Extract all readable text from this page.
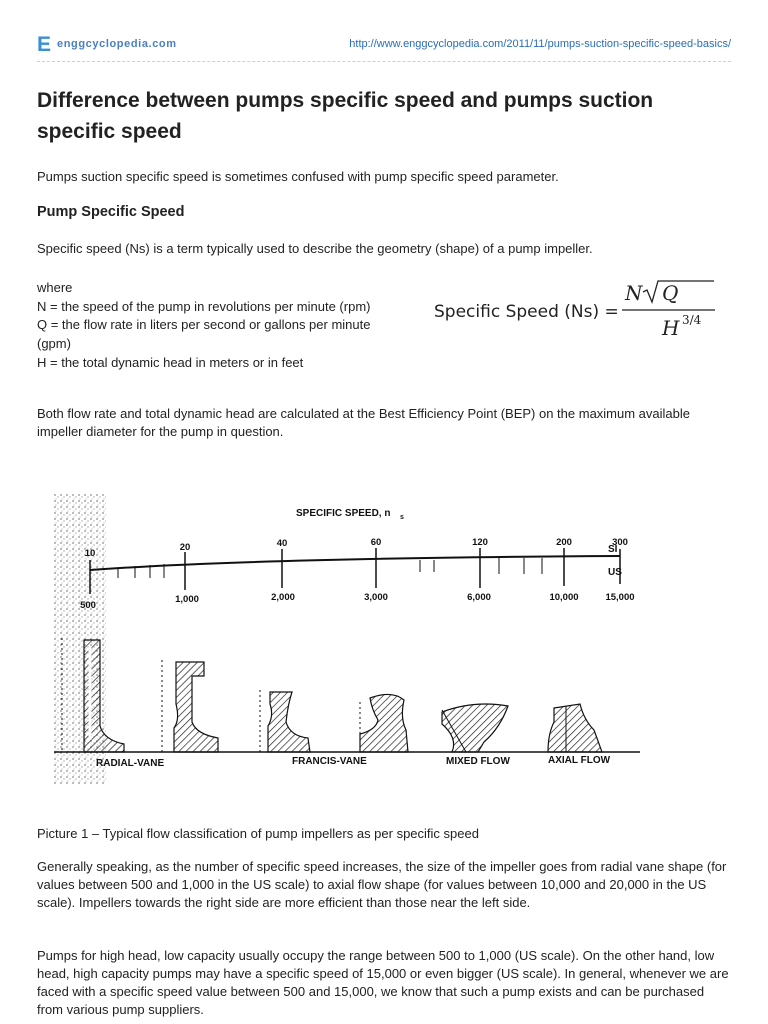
E enggcyclopedia.com	http://www.enggcyclopedia.com/2011/11/pumps-suction-specific-speed-basics/
Difference between pumps specific speed and pumps suction specific speed

Pumps suction specific speed is sometimes confused with pump specific speed parameter.

Pump Specific Speed

Specific speed (Ns) is a term typically used to describe the geometry (shape) of a pump impeller.

where
N = the speed of the pump in revolutions per minute (rpm)
Q = the flow rate in liters per second or gallons per minute (gpm)
H = the total dynamic head in meters or in feet
Specific Speed (Ns) =
N Q
H 3/4

Both flow rate and total dynamic head are calculated at the Best Efficiency Point (BEP) on the maximum available impeller diameter for the pump in question.

SPECIFIC SPEED, n s
SI
US
10
20	40	60	120	200	300
500
1,000	2,000	3,000	6,000	10,000	15,000
RADIAL-VANE	FRANCIS-VANE	MIXED FLOW	AXIAL FLOW

Picture 1 – Typical flow classification of pump impellers as per specific speed

Generally speaking, as the number of specific speed increases, the size of the impeller goes from radial vane shape (for values between 500 and 1,000 in the US scale) to axial flow shape (for values between 10,000 and 20,000 in the US scale). Impellers towards the right side are more efficient than those near the left side.

Pumps for high head, low capacity usually occupy the range between 500 to 1,000 (US scale). On the other hand, low head, high capacity pumps may have a specific speed of 15,000 or even bigger (US scale). In general, whenever we are faced with a specific speed value between 500 and 15,000, we know that such a pump exists and can be purchased from various pump suppliers.
